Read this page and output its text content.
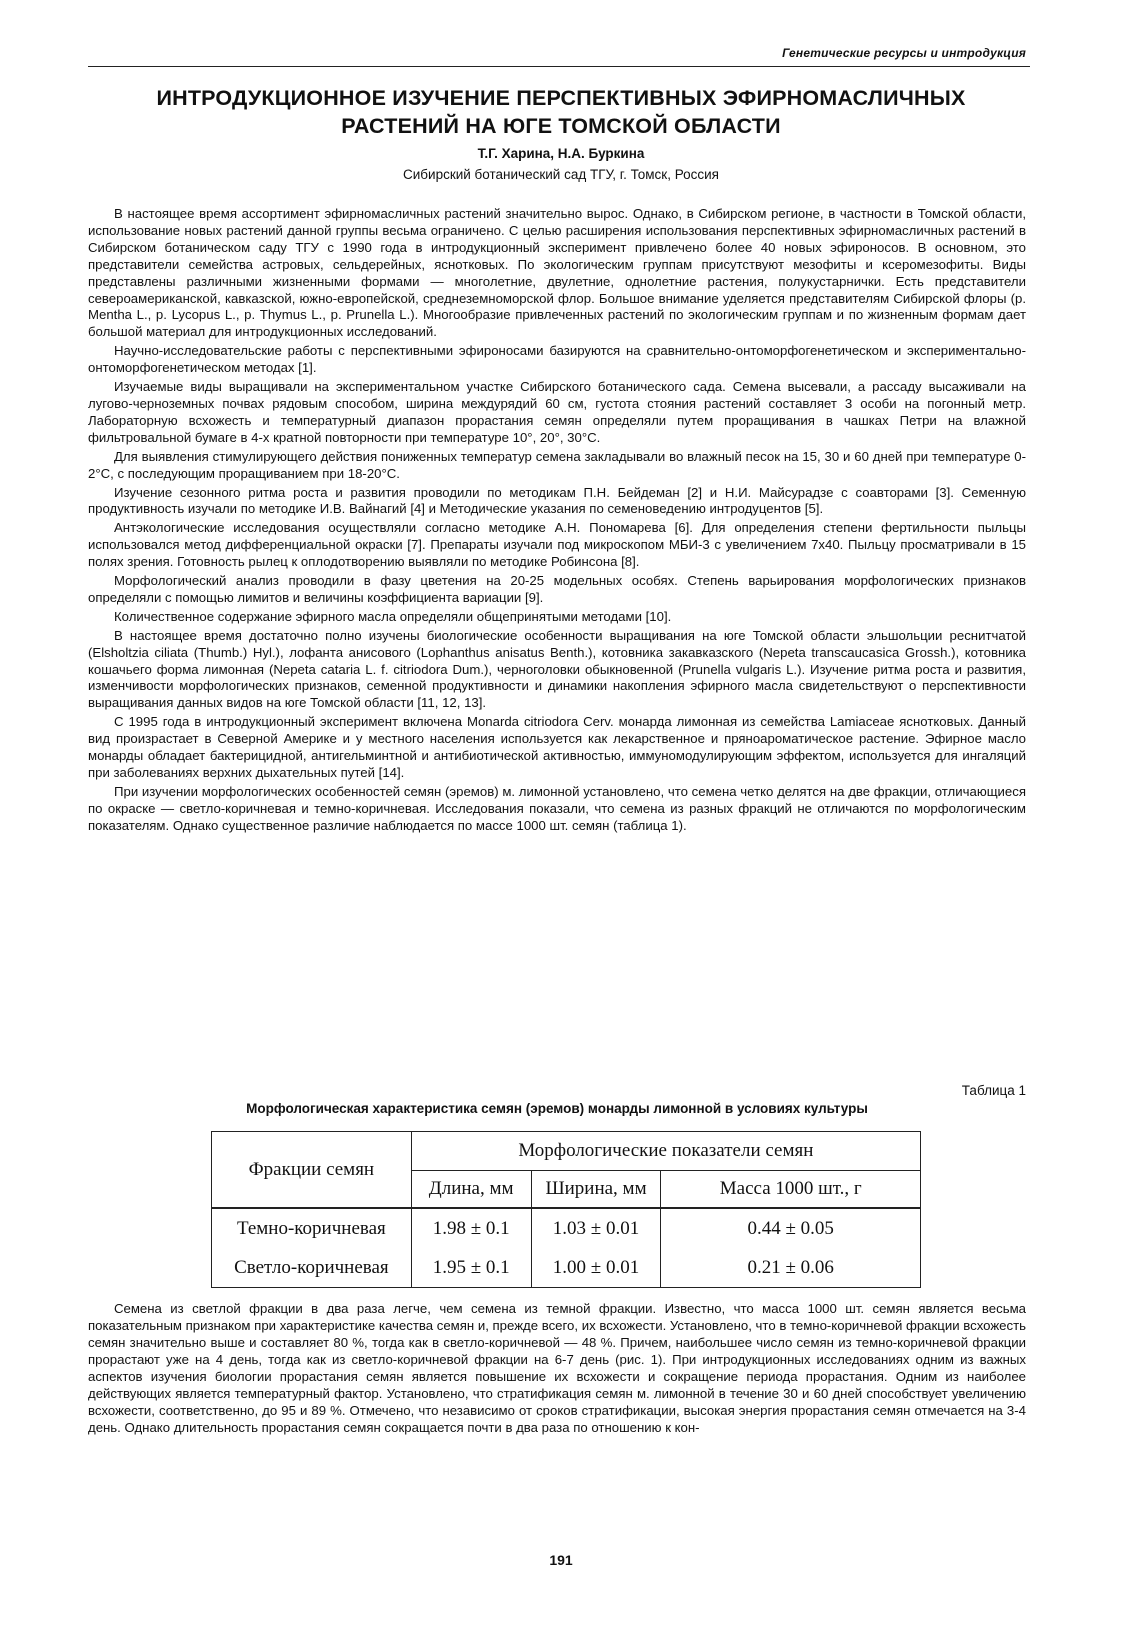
Генетические ресурсы и интродукция
ИНТРОДУКЦИОННОЕ ИЗУЧЕНИЕ ПЕРСПЕКТИВНЫХ ЭФИРНОМАСЛИЧНЫХ РАСТЕНИЙ НА ЮГЕ ТОМСКОЙ ОБЛАСТИ
Т.Г. Харина, Н.А. Буркина
Сибирский ботанический сад ТГУ, г. Томск, Россия

В настоящее время ассортимент эфирномасличных растений значительно вырос. Однако, в Сибирском регионе, в частности в Томской области, использование новых растений данной группы весьма ограничено. С целью расширения использования перспективных эфирномасличных растений в Сибирском ботаническом саду ТГУ с 1990 года в интродукционный эксперимент привлечено более 40 новых эфироносов. В основном, это представители семейства астровых, сельдерейных, яснотковых. По экологическим группам присутствуют мезофиты и ксеромезофиты. Виды представлены различными жизненными формами — многолетние, двулетние, однолетние растения, полукустарнички. Есть представители североамериканской, кавказской, южно-европейской, среднеземноморской флор. Большое внимание уделяется представителям Сибирской флоры (р. Mentha L., р. Lycopus L., р. Thymus L., р. Prunella L.). Многообразие привлеченных растений по экологическим группам и по жизненным формам дает большой материал для интродукционных исследований.

Научно-исследовательские работы с перспективными эфироносами базируются на сравнительно-онтоморфогенетическом и экспериментально-онтоморфогенетическом методах [1].

Изучаемые виды выращивали на экспериментальном участке Сибирского ботанического сада. Семена высевали, а рассаду высаживали на лугово-черноземных почвах рядовым способом, ширина междурядий 60 см, густота стояния растений составляет 3 особи на погонный метр. Лабораторную всхожесть и температурный диапазон прорастания семян определяли путем проращивания в чашках Петри на влажной фильтровальной бумаге в 4-х кратной повторности при температуре 10°, 20°, 30°С.

Для выявления стимулирующего действия пониженных температур семена закладывали во влажный песок на 15, 30 и 60 дней при температуре 0-2°С, с последующим проращиванием при 18-20°С.

Изучение сезонного ритма роста и развития проводили по методикам П.Н. Бейдеман [2] и Н.И. Майсурадзе с соавторами [3]. Семенную продуктивность изучали по методике И.В. Вайнагий [4] и Методические указания по семеноведению интродуцентов [5].

Антэкологические исследования осуществляли согласно методике А.Н. Пономарева [6]. Для определения степени фертильности пыльцы использовался метод дифференциальной окраски [7]. Препараты изучали под микроскопом МБИ-3 с увеличением 7х40. Пыльцу просматривали в 15 полях зрения. Готовность рылец к оплодотворению выявляли по методике Робинсона [8].

Морфологический анализ проводили в фазу цветения на 20-25 модельных особях. Степень варьирования морфологических признаков определяли с помощью лимитов и величины коэффициента вариации [9].

Количественное содержание эфирного масла определяли общепринятыми методами [10].

В настоящее время достаточно полно изучены биологические особенности выращивания на юге Томской области эльшольции реснитчатой (Elsholtzia ciliata (Thumb.) Hyl.), лофанта анисового (Lophanthus anisatus Benth.), котовника закавказского (Nepeta transcaucasica Grossh.), котовника кошачьего форма лимонная (Nepeta cataria L. f. citriodora Dum.), черноголовки обыкновенной (Prunella vulgaris L.). Изучение ритма роста и развития, изменчивости морфологических признаков, семенной продуктивности и динамики накопления эфирного масла свидетельствуют о перспективности выращивания данных видов на юге Томской области [11, 12, 13].

С 1995 года в интродукционный эксперимент включена Monarda citriodora Cerv. монарда лимонная из семейства Lamiaceae яснотковых. Данный вид произрастает в Северной Америке и у местного населения используется как лекарственное и пряноароматическое растение. Эфирное масло монарды обладает бактерицидной, антигельминтной и антибиотической активностью, иммуномодулирующим эффектом, используется для ингаляций при заболеваниях верхних дыхательных путей [14].

При изучении морфологических особенностей семян (эремов) м. лимонной установлено, что семена четко делятся на две фракции, отличающиеся по окраске — светло-коричневая и темно-коричневая. Исследования показали, что семена из разных фракций не отличаются по морфологическим показателям. Однако существенное различие наблюдается по массе 1000 шт. семян (таблица 1).

Таблица 1
Морфологическая характеристика семян (эремов) монарды лимонной в условиях культуры
Фракции семян	Морфологические показатели семян		
	Длина, мм	Ширина, мм	Масса 1000 шт., г
Темно-коричневая	1.98 ± 0.1	1.03 ± 0.01	0.44 ± 0.05
Светло-коричневая	1.95 ± 0.1	1.00 ± 0.01	0.21 ± 0.06

Семена из светлой фракции в два раза легче, чем семена из темной фракции. Известно, что масса 1000 шт. семян является весьма показательным признаком при характеристике качества семян и, прежде всего, их всхожести. Установлено, что в темно-коричневой фракции всхожесть семян значительно выше и составляет 80 %, тогда как в светло-коричневой — 48 %. Причем, наибольшее число семян из темно-коричневой фракции прорастают уже на 4 день, тогда как из светло-коричневой фракции на 6-7 день (рис. 1). При интродукционных исследованиях одним из важных аспектов изучения биологии прорастания семян является повышение их всхожести и сокращение периода прорастания. Одним из наиболее действующих является температурный фактор. Установлено, что стратификация семян м. лимонной в течение 30 и 60 дней способствует увеличению всхожести, соответственно, до 95 и 89 %. Отмечено, что независимо от сроков стратификации, высокая энергия прорастания семян отмечается на 3-4 день. Однако длительность прорастания семян сокращается почти в два раза по отношению к кон-

191
